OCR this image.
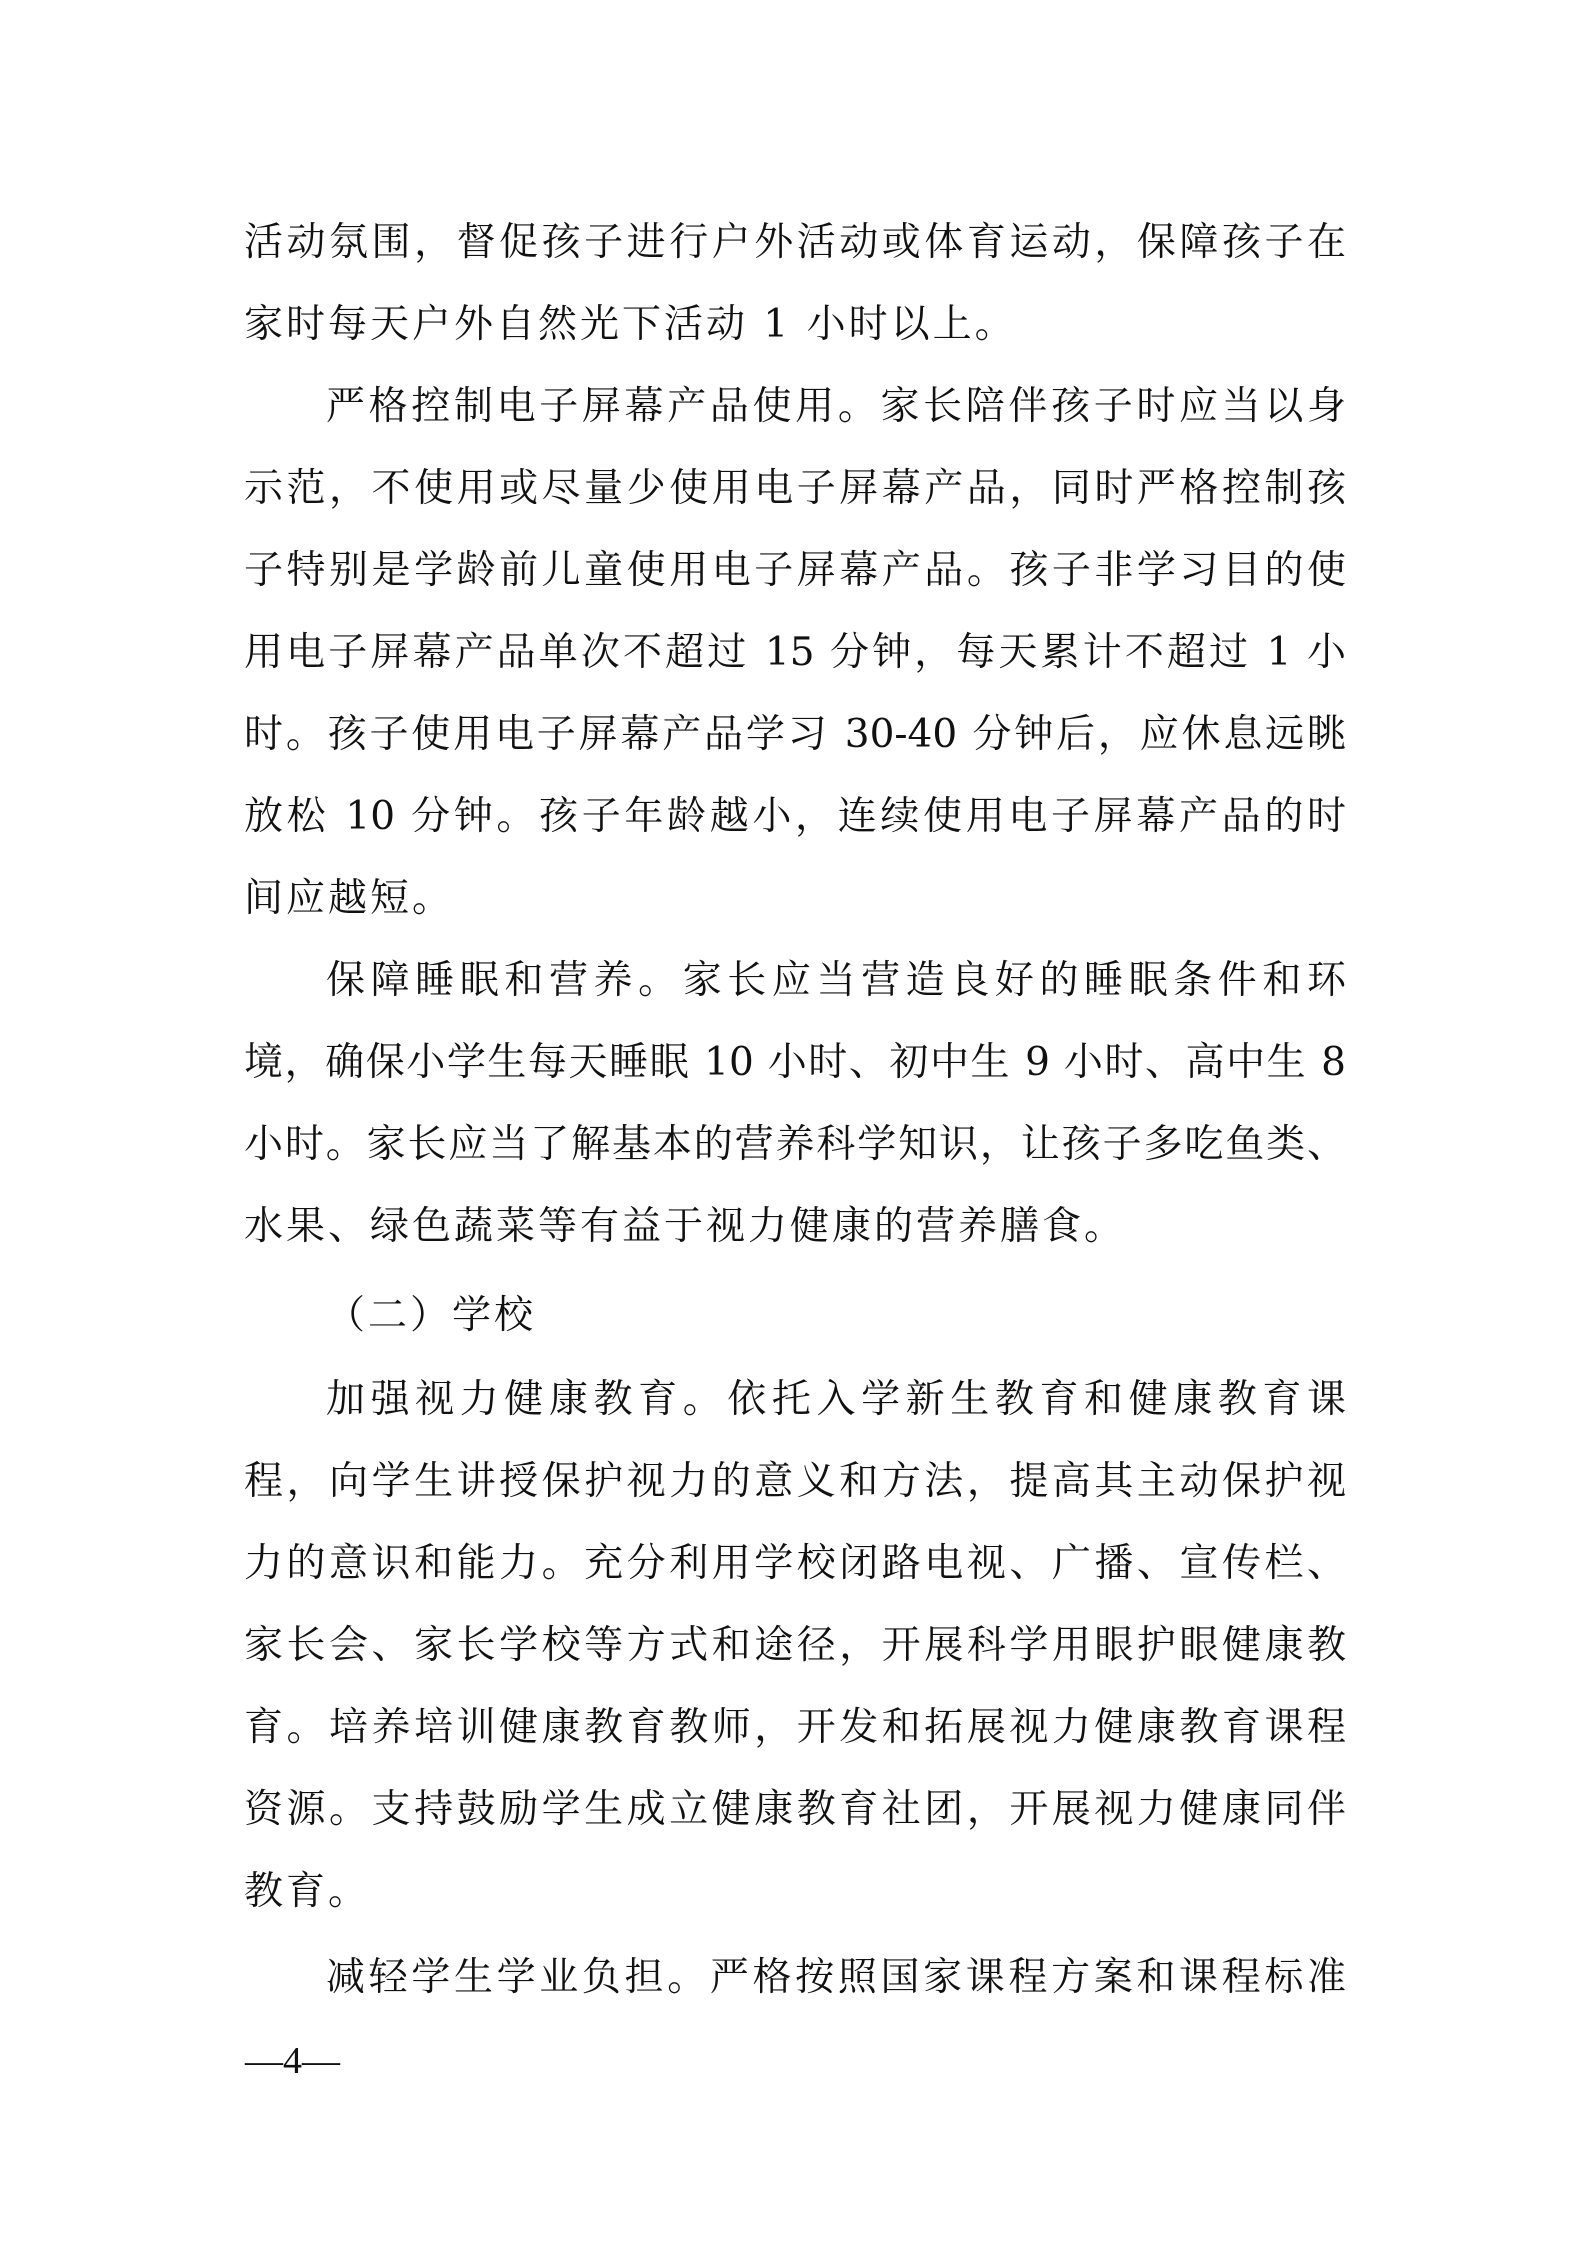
活动氛围，督促孩子进行户外活动或体育运动，保障孩子在
家时每天户外自然光下活动 1 小时以上。
严格控制电子屏幕产品使用。家长陪伴孩子时应当以身
示范，不使用或尽量少使用电子屏幕产品，同时严格控制孩
子特别是学龄前儿童使用电子屏幕产品。孩子非学习目的使
用电子屏幕产品单次不超过 15 分钟，每天累计不超过 1 小
时。孩子使用电子屏幕产品学习 30-40 分钟后，应休息远眺
放松 10 分钟。孩子年龄越小，连续使用电子屏幕产品的时
间应越短。
保障睡眠和营养。家长应当营造良好的睡眠条件和环
境，确保小学生每天睡眠 10 小时、初中生 9 小时、高中生 8
小时。家长应当了解基本的营养科学知识，让孩子多吃鱼类、
水果、绿色蔬菜等有益于视力健康的营养膳食。
（二）学校
加强视力健康教育。依托入学新生教育和健康教育课
程，向学生讲授保护视力的意义和方法，提高其主动保护视
力的意识和能力。充分利用学校闭路电视、广播、宣传栏、
家长会、家长学校等方式和途径，开展科学用眼护眼健康教
育。培养培训健康教育教师，开发和拓展视力健康教育课程
资源。支持鼓励学生成立健康教育社团，开展视力健康同伴
教育。
减轻学生学业负担。严格按照国家课程方案和课程标准
—4—
